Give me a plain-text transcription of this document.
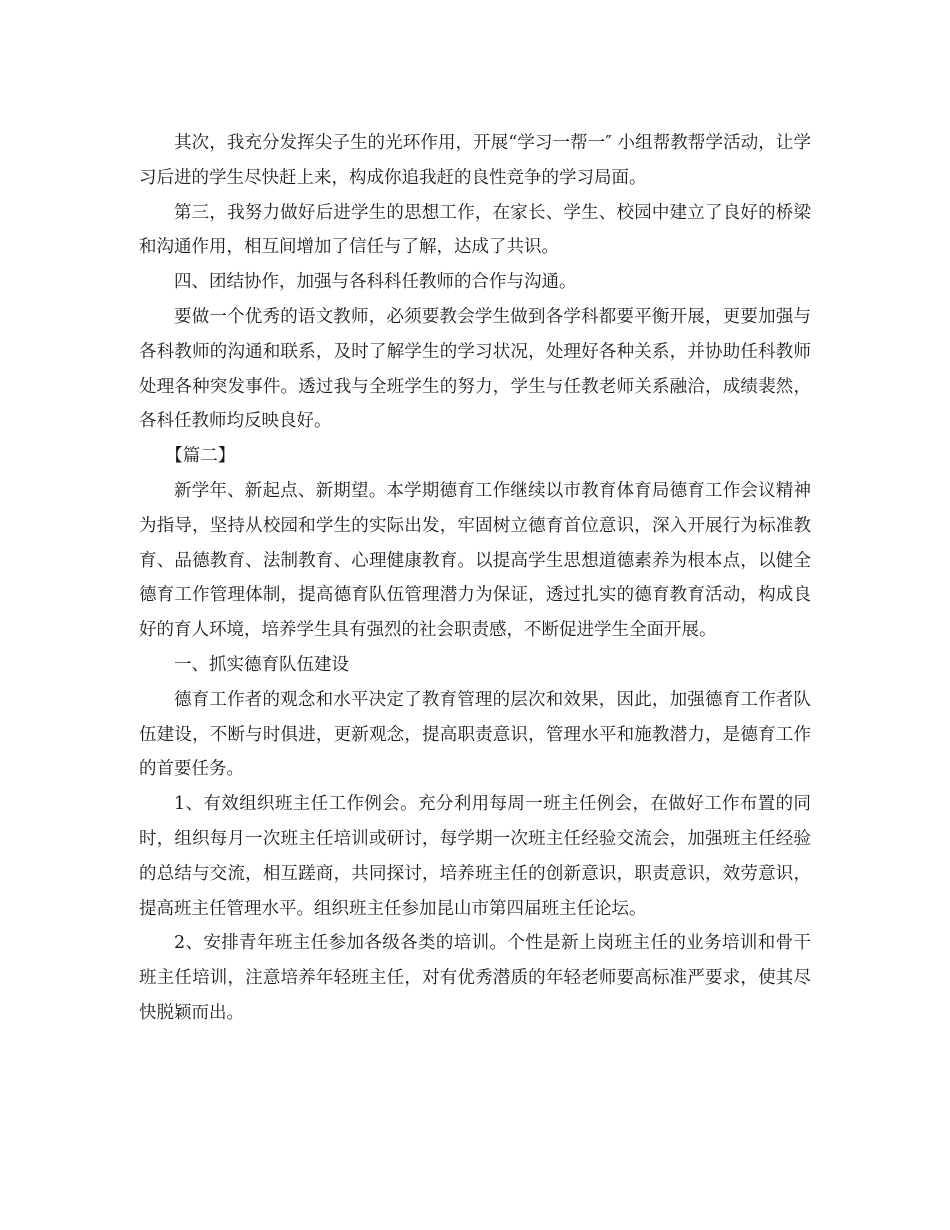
其次，我充分发挥尖子生的光环作用，开展“学习一帮一″ 小组帮教帮学活动，让学习后进的学生尽快赶上来，构成你追我赶的良性竞争的学习局面。

第三，我努力做好后进学生的思想工作，在家长、学生、校园中建立了良好的桥梁和沟通作用，相互间增加了信任与了解，达成了共识。

四、团结协作，加强与各科科任教师的合作与沟通。

要做一个优秀的语文教师，必须要教会学生做到各学科都要平衡开展，更要加强与各科教师的沟通和联系，及时了解学生的学习状况，处理好各种关系，并协助任科教师处理各种突发事件。透过我与全班学生的努力，学生与任教老师关系融洽，成绩裴然，各科任教师均反映良好。

【篇二】

新学年、新起点、新期望。本学期德育工作继续以市教育体育局德育工作会议精神为指导，坚持从校园和学生的实际出发，牢固树立德育首位意识，深入开展行为标准教育、品德教育、法制教育、心理健康教育。以提高学生思想道德素养为根本点，以健全德育工作管理体制，提高德育队伍管理潜力为保证，透过扎实的德育教育活动，构成良好的育人环境，培养学生具有强烈的社会职责感，不断促进学生全面开展。

一、抓实德育队伍建设

德育工作者的观念和水平决定了教育管理的层次和效果，因此，加强德育工作者队伍建设，不断与时俱进，更新观念，提高职责意识，管理水平和施教潜力，是德育工作的首要任务。

1、有效组织班主任工作例会。充分利用每周一班主任例会，在做好工作布置的同时，组织每月一次班主任培训或研讨，每学期一次班主任经验交流会，加强班主任经验的总结与交流，相互蹉商，共同探讨，培养班主任的创新意识，职责意识，效劳意识，提高班主任管理水平。组织班主任参加昆山市第四届班主任论坛。

2、安排青年班主任参加各级各类的培训。个性是新上岗班主任的业务培训和骨干班主任培训，注意培养年轻班主任，对有优秀潜质的年轻老师要高标准严要求，使其尽快脱颖而出。
